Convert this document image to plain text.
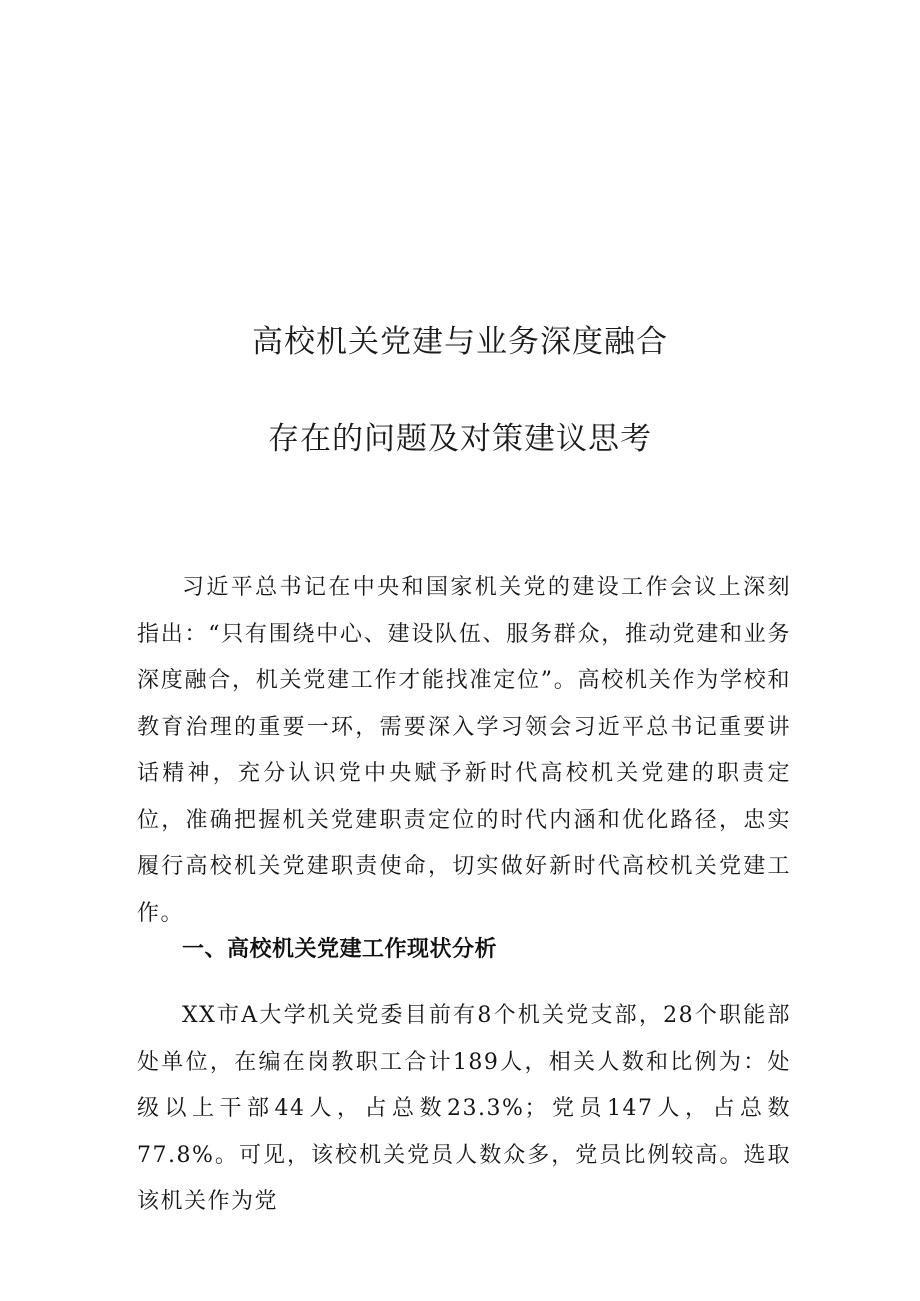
高校机关党建与业务深度融合
存在的问题及对策建议思考

习近平总书记在中央和国家机关党的建设工作会议上深刻指出：“只有围绕中心、建设队伍、服务群众，推动党建和业务深度融合，机关党建工作才能找准定位”。高校机关作为学校和教育治理的重要一环，需要深入学习领会习近平总书记重要讲话精神，充分认识党中央赋予新时代高校机关党建的职责定位，准确把握机关党建职责定位的时代内涵和优化路径，忠实履行高校机关党建职责使命，切实做好新时代高校机关党建工作。

一、高校机关党建工作现状分析

XX市A大学机关党委目前有8个机关党支部，28个职能部处单位，在编在岗教职工合计189人，相关人数和比例为：处级以上干部44人，占总数23.3%；党员147人，占总数77.8%。可见，该校机关党员人数众多，党员比例较高。选取该机关作为党
